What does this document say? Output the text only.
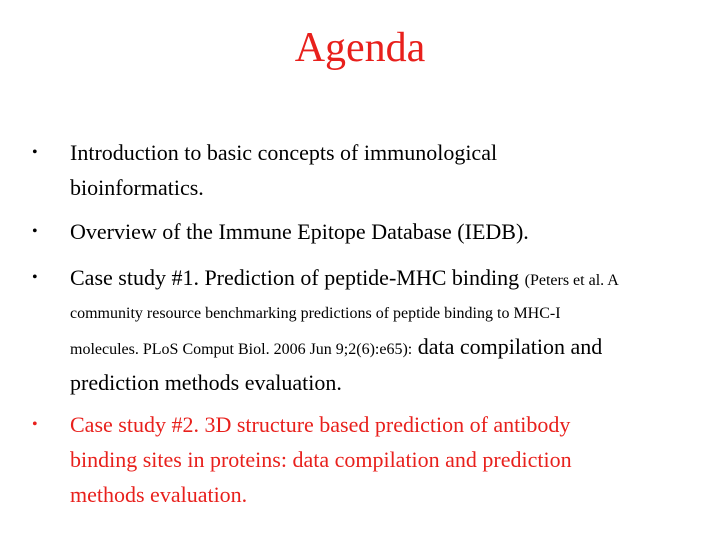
Agenda
• Introduction to basic concepts of immunological
bioinformatics.
• Overview of the Immune Epitope Database (IEDB).
• Case study #1. Prediction of peptide-MHC binding (Peters et al. A
community resource benchmarking predictions of peptide binding to MHC-I
molecules. PLoS Comput Biol. 2006 Jun 9;2(6):e65): data compilation and
prediction methods evaluation.
• Case study #2. 3D structure based prediction of antibody
binding sites in proteins: data compilation and prediction
methods evaluation.
